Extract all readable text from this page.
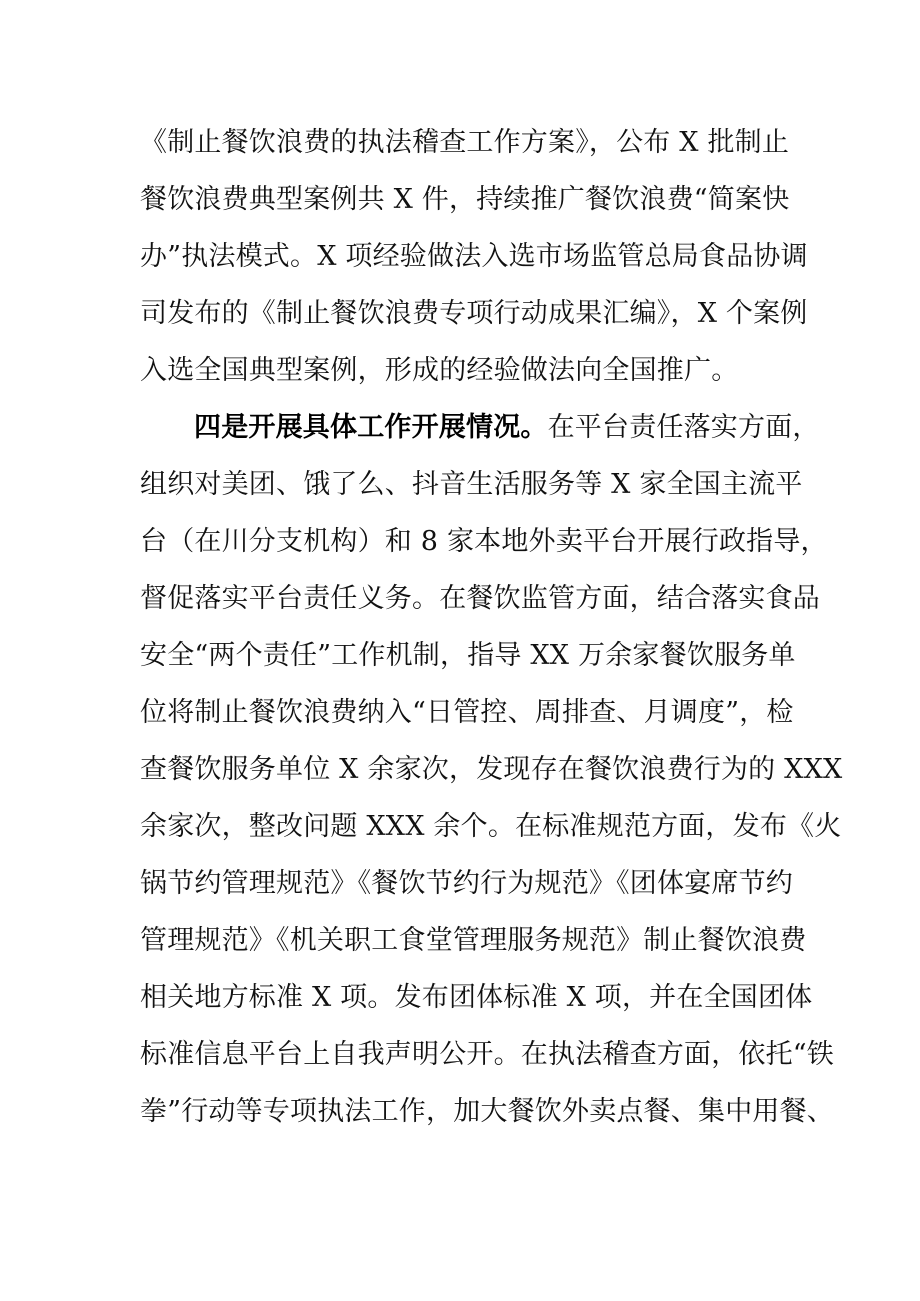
《制止餐饮浪费的执法稽查工作方案》，公布 X 批制止
餐饮浪费典型案例共 X 件，持续推广餐饮浪费“简案快
办”执法模式。X 项经验做法入选市场监管总局食品协调
司发布的《制止餐饮浪费专项行动成果汇编》，X 个案例
入选全国典型案例，形成的经验做法向全国推广。
四是开展具体工作开展情况。在平台责任落实方面，
组织对美团、饿了么、抖音生活服务等 X 家全国主流平
台（在川分支机构）和 8 家本地外卖平台开展行政指导，
督促落实平台责任义务。在餐饮监管方面，结合落实食品
安全“两个责任”工作机制，指导 XX 万余家餐饮服务单
位将制止餐饮浪费纳入“日管控、周排查、月调度”，检
查餐饮服务单位 X 余家次，发现存在餐饮浪费行为的 XXX
余家次，整改问题 XXX 余个。在标准规范方面，发布《火
锅节约管理规范》《餐饮节约行为规范》《团体宴席节约
管理规范》《机关职工食堂管理服务规范》制止餐饮浪费
相关地方标准 X 项。发布团体标准 X 项，并在全国团体
标准信息平台上自我声明公开。在执法稽查方面，依托“铁
拳”行动等专项执法工作，加大餐饮外卖点餐、集中用餐、
